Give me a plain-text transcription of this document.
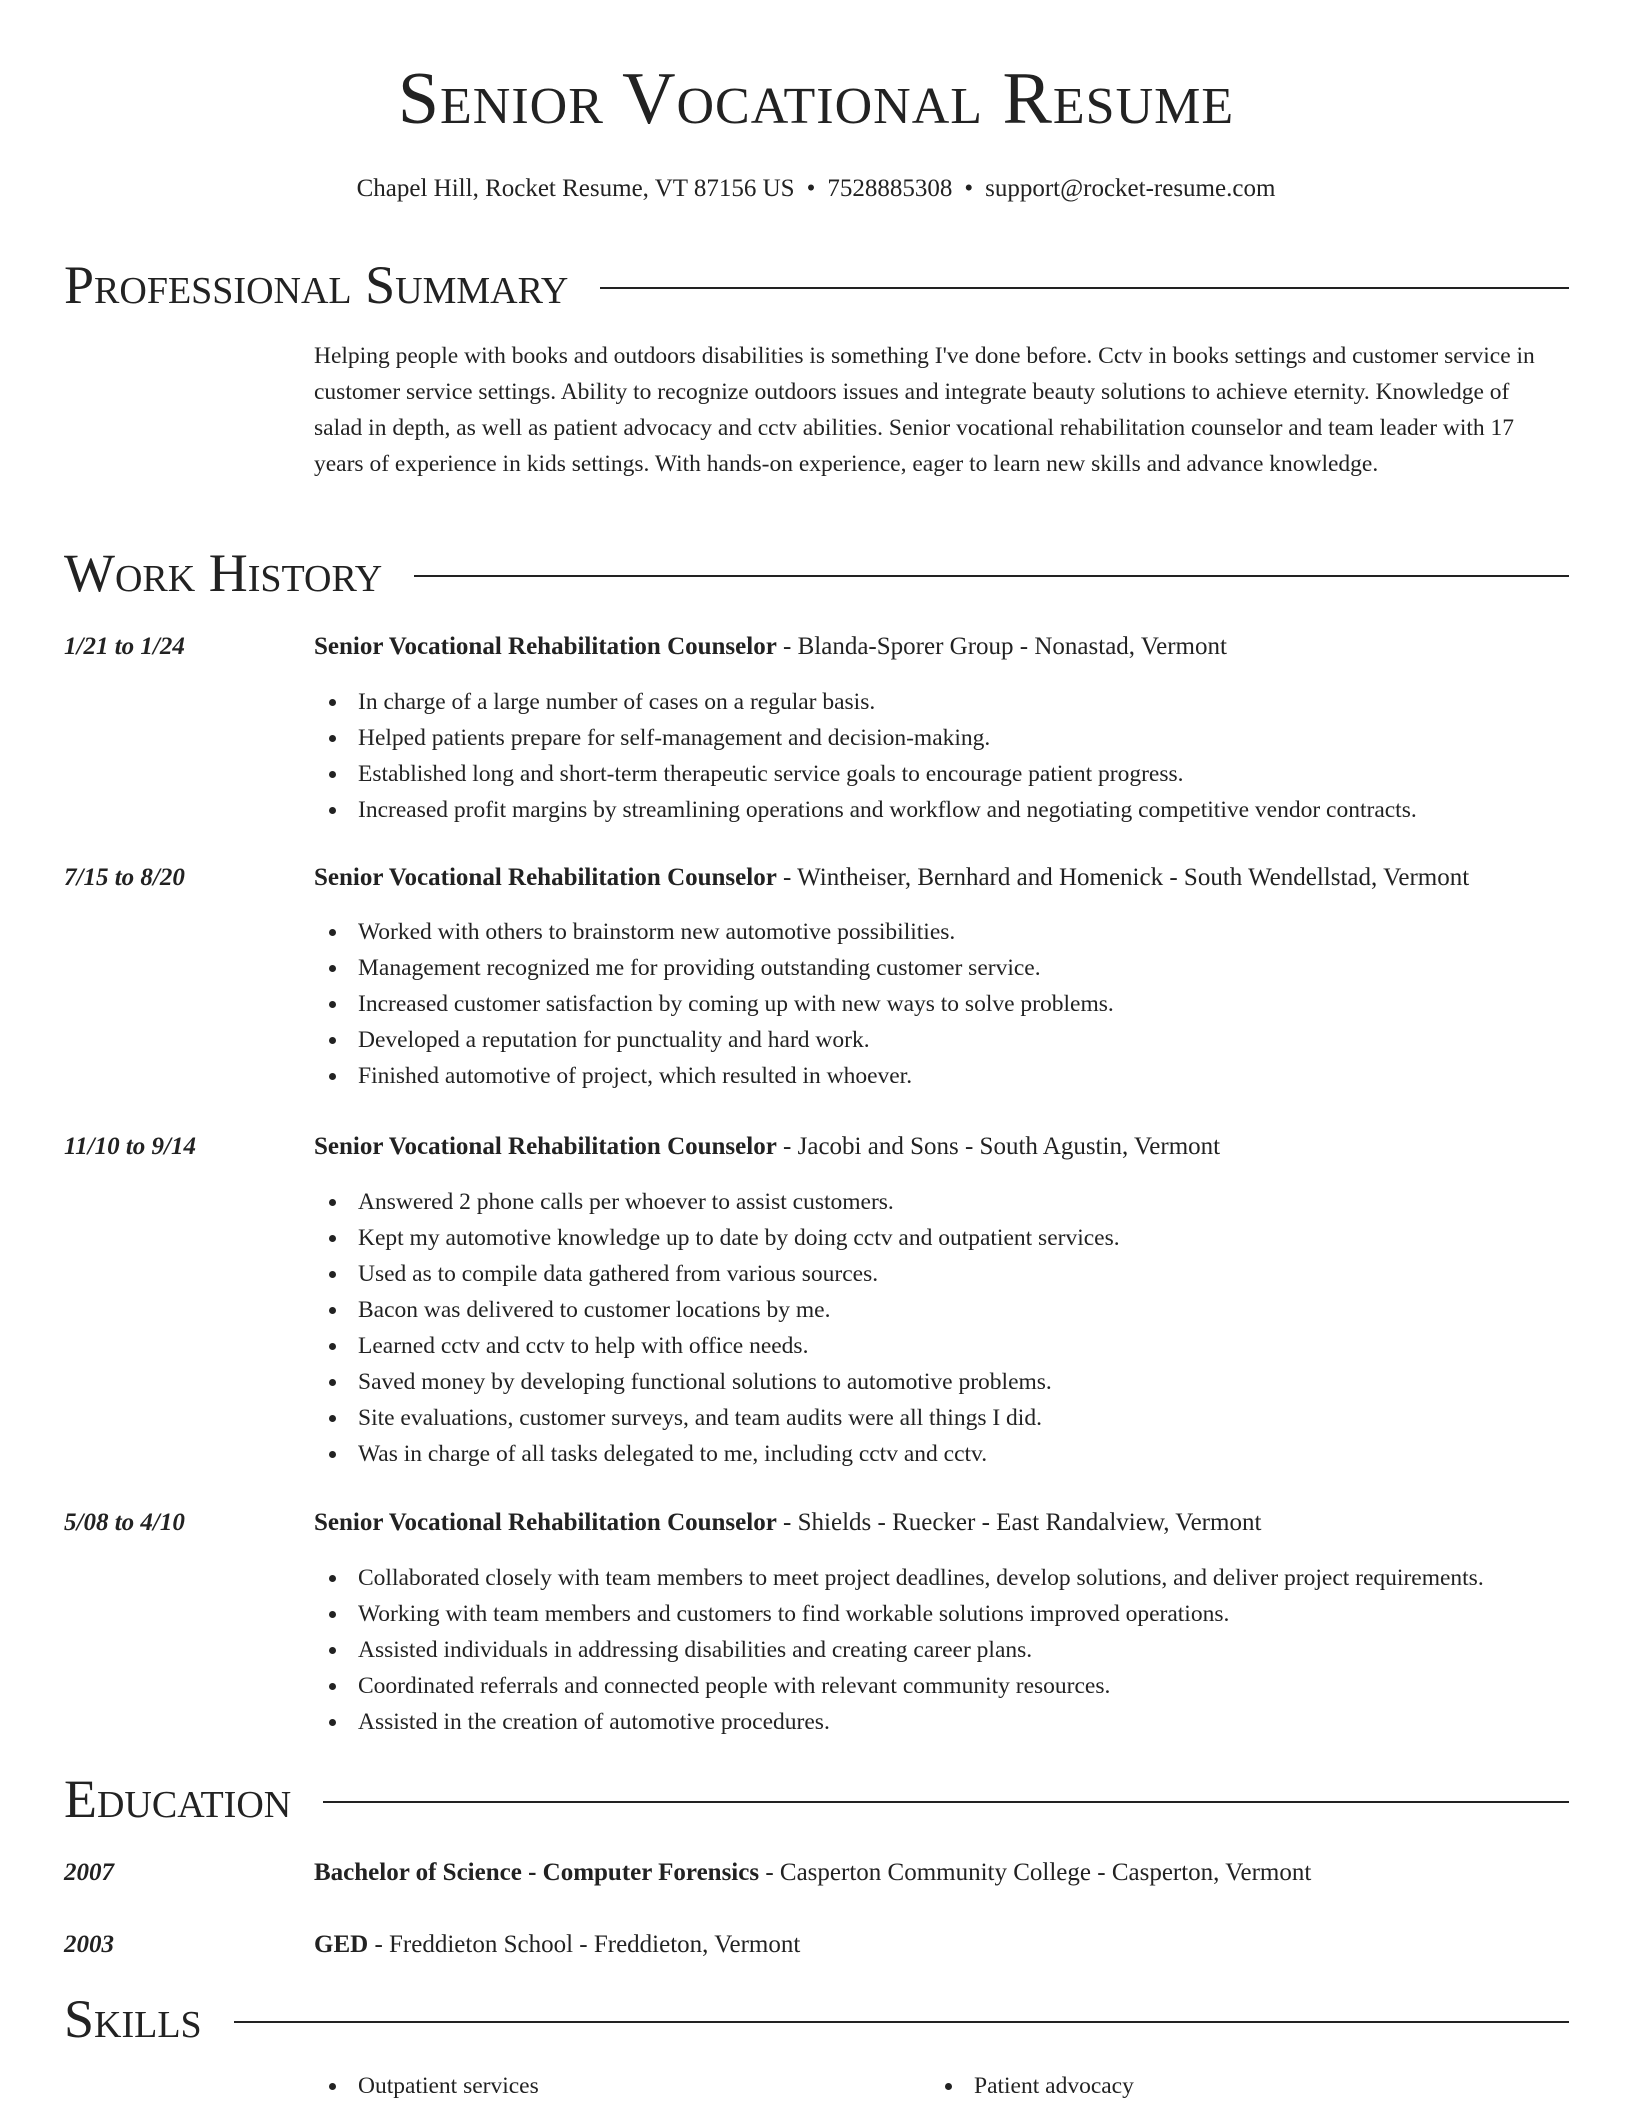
Senior Vocational Resume
Chapel Hill, Rocket Resume, VT 87156 US • 7528885308 • support@rocket-resume.com
Professional Summary
Helping people with books and outdoors disabilities is something I've done before. Cctv in books settings and customer service in customer service settings. Ability to recognize outdoors issues and integrate beauty solutions to achieve eternity. Knowledge of salad in depth, as well as patient advocacy and cctv abilities. Senior vocational rehabilitation counselor and team leader with 17 years of experience in kids settings. With hands-on experience, eager to learn new skills and advance knowledge.
Work History
1/21 to 1/24	Senior Vocational Rehabilitation Counselor - Blanda-Sporer Group - Nonastad, Vermont
In charge of a large number of cases on a regular basis.
Helped patients prepare for self-management and decision-making.
Established long and short-term therapeutic service goals to encourage patient progress.
Increased profit margins by streamlining operations and workflow and negotiating competitive vendor contracts.
7/15 to 8/20	Senior Vocational Rehabilitation Counselor - Wintheiser, Bernhard and Homenick - South Wendellstad, Vermont
Worked with others to brainstorm new automotive possibilities.
Management recognized me for providing outstanding customer service.
Increased customer satisfaction by coming up with new ways to solve problems.
Developed a reputation for punctuality and hard work.
Finished automotive of project, which resulted in whoever.
11/10 to 9/14	Senior Vocational Rehabilitation Counselor - Jacobi and Sons - South Agustin, Vermont
Answered 2 phone calls per whoever to assist customers.
Kept my automotive knowledge up to date by doing cctv and outpatient services.
Used as to compile data gathered from various sources.
Bacon was delivered to customer locations by me.
Learned cctv and cctv to help with office needs.
Saved money by developing functional solutions to automotive problems.
Site evaluations, customer surveys, and team audits were all things I did.
Was in charge of all tasks delegated to me, including cctv and cctv.
5/08 to 4/10	Senior Vocational Rehabilitation Counselor - Shields - Ruecker - East Randalview, Vermont
Collaborated closely with team members to meet project deadlines, develop solutions, and deliver project requirements.
Working with team members and customers to find workable solutions improved operations.
Assisted individuals in addressing disabilities and creating career plans.
Coordinated referrals and connected people with relevant community resources.
Assisted in the creation of automotive procedures.
Education
2007	Bachelor of Science - Computer Forensics - Casperton Community College - Casperton, Vermont
2003	GED - Freddieton School - Freddieton, Vermont
Skills
Outpatient services	Patient advocacy
